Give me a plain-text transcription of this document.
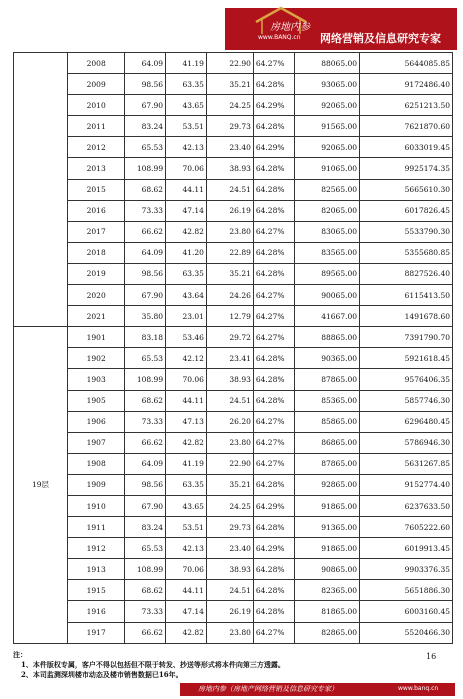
房地内参
www.BANQ.cn 网络营销及信息研究专家
	2008	64.09	41.19	22.90	64.27%	88065.00	5644085.85
	2009	98.56	63.35	35.21	64.28%	93065.00	9172486.40
	2010	67.90	43.65	24.25	64.29%	92065.00	6251213.50
	2011	83.24	53.51	29.73	64.28%	91565.00	7621870.60
	2012	65.53	42.13	23.40	64.29%	92065.00	6033019.45
	2013	108.99	70.06	38.93	64.28%	91065.00	9925174.35
	2015	68.62	44.11	24.51	64.28%	82565.00	5665610.30
	2016	73.33	47.14	26.19	64.28%	82065.00	6017826.45
	2017	66.62	42.82	23.80	64.27%	83065.00	5533790.30
	2018	64.09	41.20	22.89	64.28%	83565.00	5355680.85
	2019	98.56	63.35	35.21	64.28%	89565.00	8827526.40
	2020	67.90	43.64	24.26	64.27%	90065.00	6115413.50
	2021	35.80	23.01	12.79	64.27%	41667.00	1491678.60
19层	1901	83.18	53.46	29.72	64.27%	88865.00	7391790.70
	1902	65.53	42.12	23.41	64.28%	90365.00	5921618.45
	1903	108.99	70.06	38.93	64.28%	87865.00	9576406.35
	1905	68.62	44.11	24.51	64.28%	85365.00	5857746.30
	1906	73.33	47.13	26.20	64.27%	85865.00	6296480.45
	1907	66.62	42.82	23.80	64.27%	86865.00	5786946.30
	1908	64.09	41.19	22.90	64.27%	87865.00	5631267.85
	1909	98.56	63.35	35.21	64.28%	92865.00	9152774.40
	1910	67.90	43.65	24.25	64.29%	91865.00	6237633.50
	1911	83.24	53.51	29.73	64.28%	91365.00	7605222.60
	1912	65.53	42.13	23.40	64.29%	91865.00	6019913.45
	1913	108.99	70.06	38.93	64.28%	90865.00	9903376.35
	1915	68.62	44.11	24.51	64.28%	82365.00	5651886.30
	1916	73.33	47.14	26.19	64.28%	81865.00	6003160.45
	1917	66.62	42.82	23.80	64.27%	82865.00	5520466.30
注：
1、本件版权专属，客户不得以包括但不限于转发、抄送等形式将本件向第三方透露。
2、本司监测深圳楼市动态及楼市销售数据已16年。
16
房地内参（房地产网络营销及信息研究专家）	www.banq.cn
